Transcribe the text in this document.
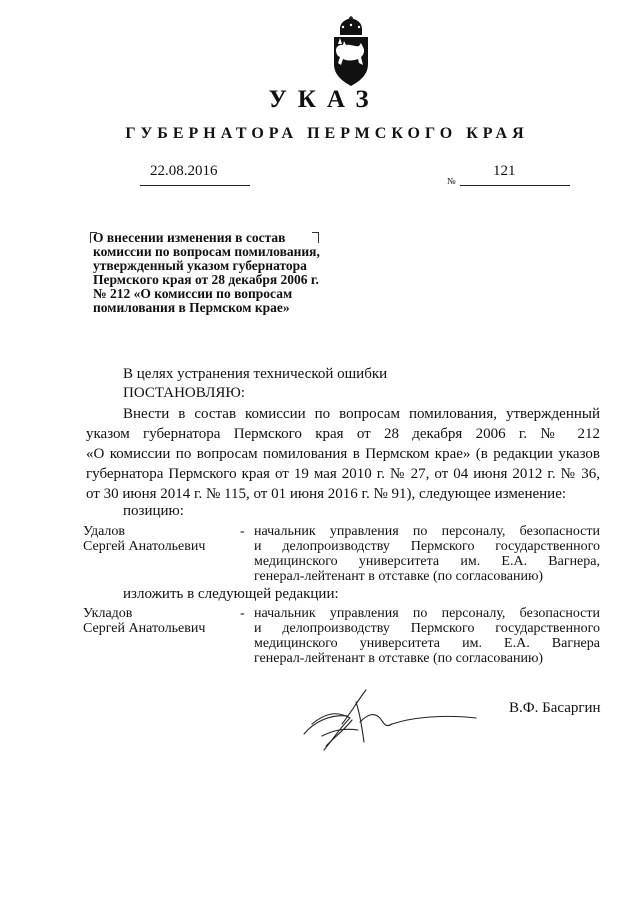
УКАЗ
ГУБЕРНАТОРА ПЕРМСКОГО КРАЯ
22.08.2016
№
121
О внесении изменения в состав
комиссии по вопросам помилования,
утвержденный указом губернатора
Пермского края от 28 декабря 2006 г.
№ 212 «О комиссии по вопросам
помилования в Пермском крае»
В целях устранения технической ошибки
ПОСТАНОВЛЯЮ:
Внести в состав комиссии по вопросам помилования, утвержденный
указом губернатора Пермского края от 28 декабря 2006 г. № 212
«О комиссии по вопросам помилования в Пермском крае» (в редакции указов
губернатора Пермского края от 19 мая 2010 г. № 27, от 04 июня 2012 г. № 36,
от 30 июня 2014 г. № 115, от 01 июня 2016 г. № 91), следующее изменение:
позицию:
Удалов
Сергей Анатольевич
- начальник управления по персоналу, безопасности
и делопроизводству Пермского государственного
медицинского университета им. Е.А. Вагнера,
генерал-лейтенант в отставке (по согласованию)
изложить в следующей редакции:
Укладов
Сергей Анатольевич
- начальник управления по персоналу, безопасности
и делопроизводству Пермского государственного
медицинского университета им. Е.А. Вагнера
генерал-лейтенант в отставке (по согласованию)
В.Ф. Басаргин
